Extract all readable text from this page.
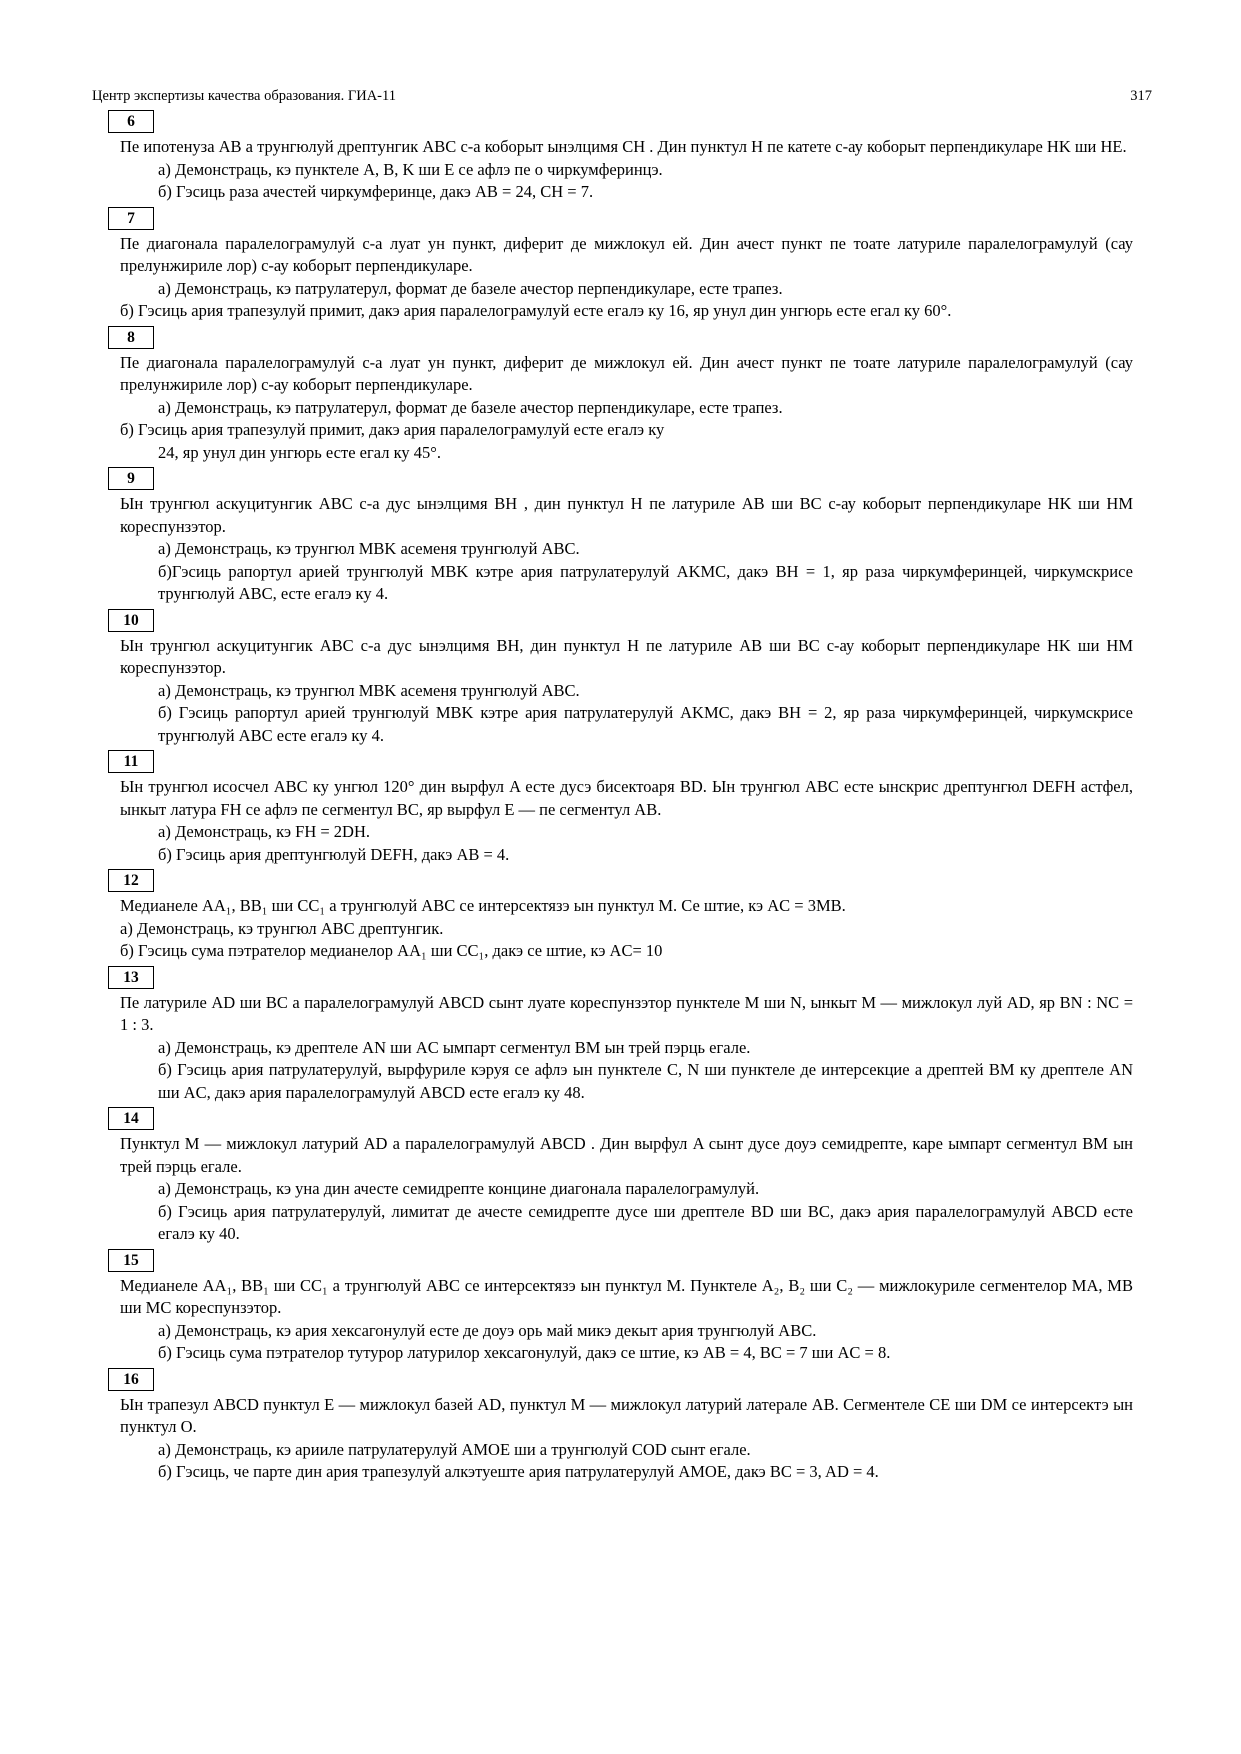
Центр экспертизы качества образования. ГИА-11	317
6
Пе ипотенуза AB а трунгюлуй дрептунгик ABC с-а коборыт ынэлцимя CH . Дин пунктул H пе катете с-ау коборыт перпендикуларе HK ши HE.
а) Демонстраць, кэ пунктеле A, B, K ши E се афлэ пе о чиркумферинцэ.
б) Гэсиць раза ачестей чиркумферинце, дакэ AB = 24, CH = 7.
7
Пе диагонала паралелограмулуй с-а луат ун пункт, диферит де мижлокул ей. Дин ачест пункт пе тоате латуриле паралелограмулуй (сау прелунжириле лор) с-ау коборыт перпендикуларе.
а) Демонстраць, кэ патрулатерул, формат де базеле ачестор перпендикуларе, есте трапез.
б) Гэсиць ария трапезулуй примит, дакэ ария паралелограмулуй есте егалэ ку 16, яр унул дин унгюрь есте егал ку 60°.
8
Пе диагонала паралелограмулуй с-а луат ун пункт, диферит де мижлокул ей. Дин ачест пункт пе тоате латуриле паралелограмулуй (сау прелунжириле лор) с-ау коборыт перпендикуларе.
а) Демонстраць, кэ патрулатерул, формат де базеле ачестор перпендикуларе, есте трапез.
б) Гэсиць ария трапезулуй примит, дакэ ария паралелограмулуй есте егалэ ку
24, яр унул дин унгюрь есте егал ку 45°.
9
Ын трунгюл аскуцитунгик ABC с-а дус ынэлцимя BH , дин пунктул H пе латуриле AB ши BC с-ау коборыт перпендикуларе HK ши HM кореспунзэтор.
а) Демонстраць, кэ трунгюл MBK асеменя трунгюлуй ABC.
б)Гэсиць рапортул арией трунгюлуй MBK кэтре ария патрулатерулуй AKMC, дакэ BH = 1, яр раза чиркумферинцей, чиркумскрисе трунгюлуй ABC, есте егалэ ку 4.
10
Ын трунгюл аскуцитунгик ABC с-а дус ынэлцимя BH, дин пунктул H пе латуриле AB ши BC с-ау коборыт перпендикуларе HK ши HM кореспунзэтор.
а) Демонстраць, кэ трунгюл MBK асеменя трунгюлуй ABC.
б) Гэсиць рапортул арией трунгюлуй MBK кэтре ария патрулатерулуй AKMC, дакэ BH = 2, яр раза чиркумферинцей, чиркумскрисе трунгюлуй ABC есте егалэ ку 4.
11
Ын трунгюл исосчел ABC ку унгюл 120° дин вырфул A есте дусэ бисектоаря BD. Ын трунгюл ABC есте ынскрис дрептунгюл DEFH астфел, ынкыт латура FH се афлэ пе сегментул BC, яр вырфул E — пе сегментул AB.
а) Демонстраць, кэ FH = 2DH.
б) Гэсиць ария дрептунгюлуй DEFH, дакэ AB = 4.
12
Медианеле AA₁, BB₁ ши CC₁ а трунгюлуй ABC се интерсектязэ ын пунктул M. Се штие, кэ AC = 3MB.
а) Демонстраць, кэ трунгюл ABC дрептунгик.
б) Гэсиць сума пэтрателор медианелор AA₁ ши CC₁, дакэ се штие, кэ AC= 10
13
Пе латуриле AD ши BC а паралелограмулуй ABCD сынт луате кореспунзэтор пунктеле M ши N, ынкыт M — мижлокул луй AD, яр BN : NC = 1 : 3.
а) Демонстраць, кэ дрептеле AN ши AC ымпарт сегментул BM ын трей пэрць егале.
б) Гэсиць ария патрулатерулуй, вырфуриле кэруя се афлэ ын пунктеле C, N ши пунктеле де интерсекцие а дрептей BM ку дрептеле AN ши AC, дакэ ария паралелограмулуй ABCD есте егалэ ку 48.
14
Пунктул M — мижлокул латурий AD а паралелограмулуй ABCD . Дин вырфул A сынт дусе доуэ семидрепте, каре ымпарт сегментул BM ын трей пэрць егале.
а) Демонстраць, кэ уна дин ачесте семидрепте концине диагонала паралелограмулуй.
б) Гэсиць ария патрулатерулуй, лимитат де ачесте семидрепте дусе ши дрептеле BD ши BC, дакэ ария паралелограмулуй ABCD есте егалэ ку 40.
15
Медианеле AA₁, BB₁ ши CC₁ а трунгюлуй ABC се интерсектязэ ын пунктул M. Пунктеле A₂, B₂ ши C₂ — мижлокуриле сегментелор MA, MB ши MC кореспунзэтор.
а) Демонстраць, кэ ария хексагонулуй есте де доуэ орь май микэ декыт ария трунгюлуй ABC.
б) Гэсиць сума пэтрателор тутурор латурилор хексагонулуй, дакэ се штие, кэ AB = 4, BC = 7 ши AC = 8.
16
Ын трапезул ABCD пунктул E — мижлокул базей AD, пунктул M — мижлокул латурий латерале AB. Сегментеле CE ши DM се интерсектэ ын пунктул O.
а) Демонстраць, кэ арииле патрулатерулуй AMOE ши а трунгюлуй COD сынт егале.
б) Гэсиць, че парте дин ария трапезулуй алкэтуеште ария патрулатерулуй AMOE, дакэ BC = 3, AD = 4.
